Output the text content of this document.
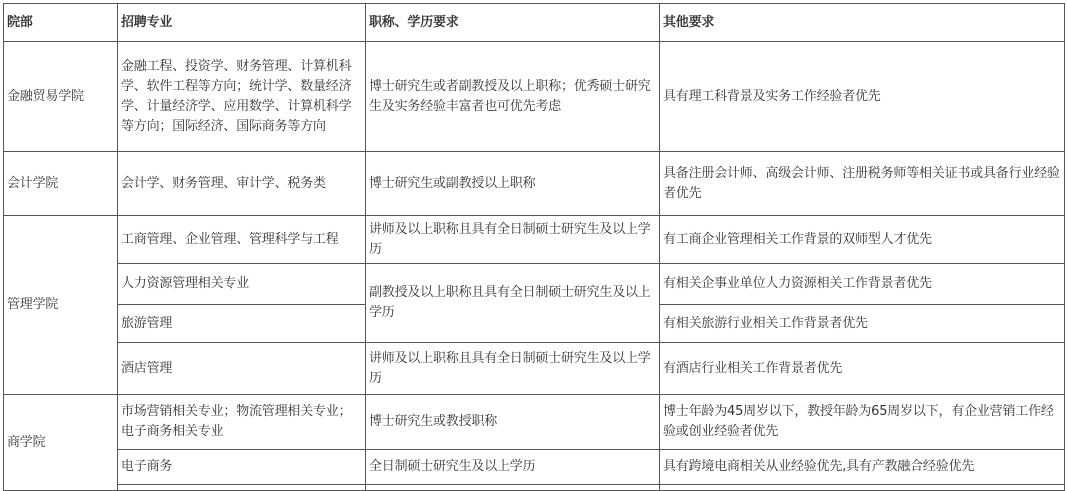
院部	招聘专业	职称、学历要求	其他要求
金融贸易学院	金融工程、投资学、财务管理、计算机科学、软件工程等方向；统计学、数量经济学、计量经济学、应用数学、计算机科学等方向；国际经济、国际商务等方向	博士研究生或者副教授及以上职称；优秀硕士研究生及实务经验丰富者也可优先考虑	具有理工科背景及实务工作经验者优先
会计学院	会计学、财务管理、审计学、税务类	博士研究生或副教授以上职称	具备注册会计师、高级会计师、注册税务师等相关证书或具备行业经验者优先
管理学院	工商管理、企业管理、管理科学与工程	讲师及以上职称且具有全日制硕士研究生及以上学历	有工商企业管理相关工作背景的双师型人才优先
	人力资源管理相关专业	副教授及以上职称且具有全日制硕士研究生及以上学历	有相关企事业单位人力资源相关工作背景者优先
	旅游管理		有相关旅游行业相关工作背景者优先
	酒店管理	讲师及以上职称且具有全日制硕士研究生及以上学历	有酒店行业相关工作背景者优先
商学院	市场营销相关专业；物流管理相关专业；电子商务相关专业	博士研究生或教授职称	博士年龄为45周岁以下，教授年龄为65周岁以下，有企业营销工作经验或创业经验者优先
	电子商务	全日制硕士研究生及以上学历	具有跨境电商相关从业经验优先,具有产教融合经验优先
